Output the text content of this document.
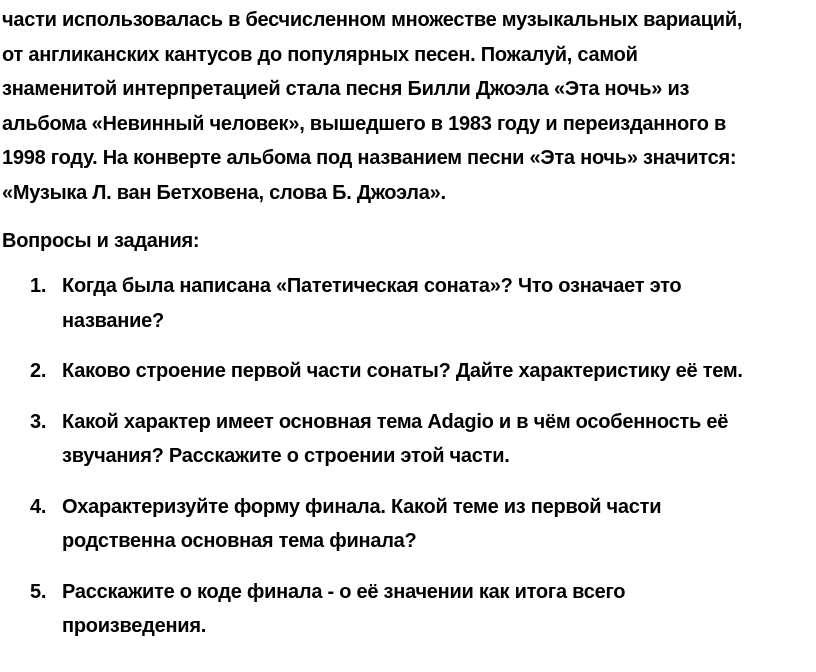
части использовалась в бесчисленном множестве музыкальных вариаций,
от англиканских кантусов до популярных песен. Пожалуй, самой
знаменитой интерпретацией стала песня Билли Джоэла «Эта ночь» из
альбома «Невинный человек», вышедшего в 1983 году и переизданного в
1998 году. На конверте альбома под названием песни «Эта ночь» значится:
«Музыка Л. ван Бетховена, слова Б. Джоэла».

Вопросы и задания:

1. Когда была написана «Патетическая соната»? Что означает это
название?
2. Каково строение первой части сонаты? Дайте характеристику её тем.
3. Какой характер имеет основная тема Adagio и в чём особенность её
звучания? Расскажите о строении этой части.
4. Охарактеризуйте форму финала. Какой теме из первой части
родственна основная тема финала?
5. Расскажите о коде финала - о её значении как итога всего
произведения.
